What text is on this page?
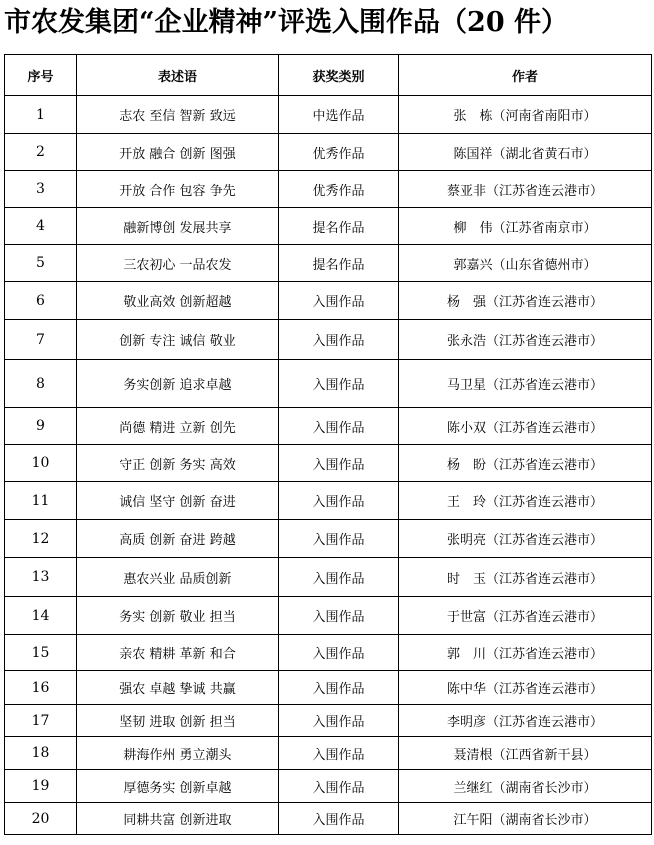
市农发集团“企业精神”评选入围作品（20 件）
序号	表述语	获奖类别	作者
1	志农 至信 智新 致远	中选作品	张　栋（河南省南阳市）
2	开放 融合 创新 图强	优秀作品	陈国祥（湖北省黄石市）
3	开放 合作 包容 争先	优秀作品	蔡亚非（江苏省连云港市）
4	融新博创 发展共享	提名作品	柳　伟（江苏省南京市）
5	三农初心 一品农发	提名作品	郭嘉兴（山东省德州市）
6	敬业高效 创新超越	入围作品	杨　强（江苏省连云港市）
7	创新 专注 诚信 敬业	入围作品	张永浩（江苏省连云港市）
8	务实创新 追求卓越	入围作品	马卫星（江苏省连云港市）
9	尚德 精进 立新 创先	入围作品	陈小双（江苏省连云港市）
10	守正 创新 务实 高效	入围作品	杨　盼（江苏省连云港市）
11	诚信 坚守 创新 奋进	入围作品	王　玲（江苏省连云港市）
12	高质 创新 奋进 跨越	入围作品	张明亮（江苏省连云港市）
13	惠农兴业 品质创新	入围作品	时　玉（江苏省连云港市）
14	务实 创新 敬业 担当	入围作品	于世富（江苏省连云港市）
15	亲农 精耕 革新 和合	入围作品	郭　川（江苏省连云港市）
16	强农 卓越 挚诚 共赢	入围作品	陈中华（江苏省连云港市）
17	坚韧 进取 创新 担当	入围作品	李明彦（江苏省连云港市）
18	耕海作州 勇立潮头	入围作品	聂清根（江西省新干县）
19	厚德务实 创新卓越	入围作品	兰继红（湖南省长沙市）
20	同耕共富 创新进取	入围作品	江午阳（湖南省长沙市）
